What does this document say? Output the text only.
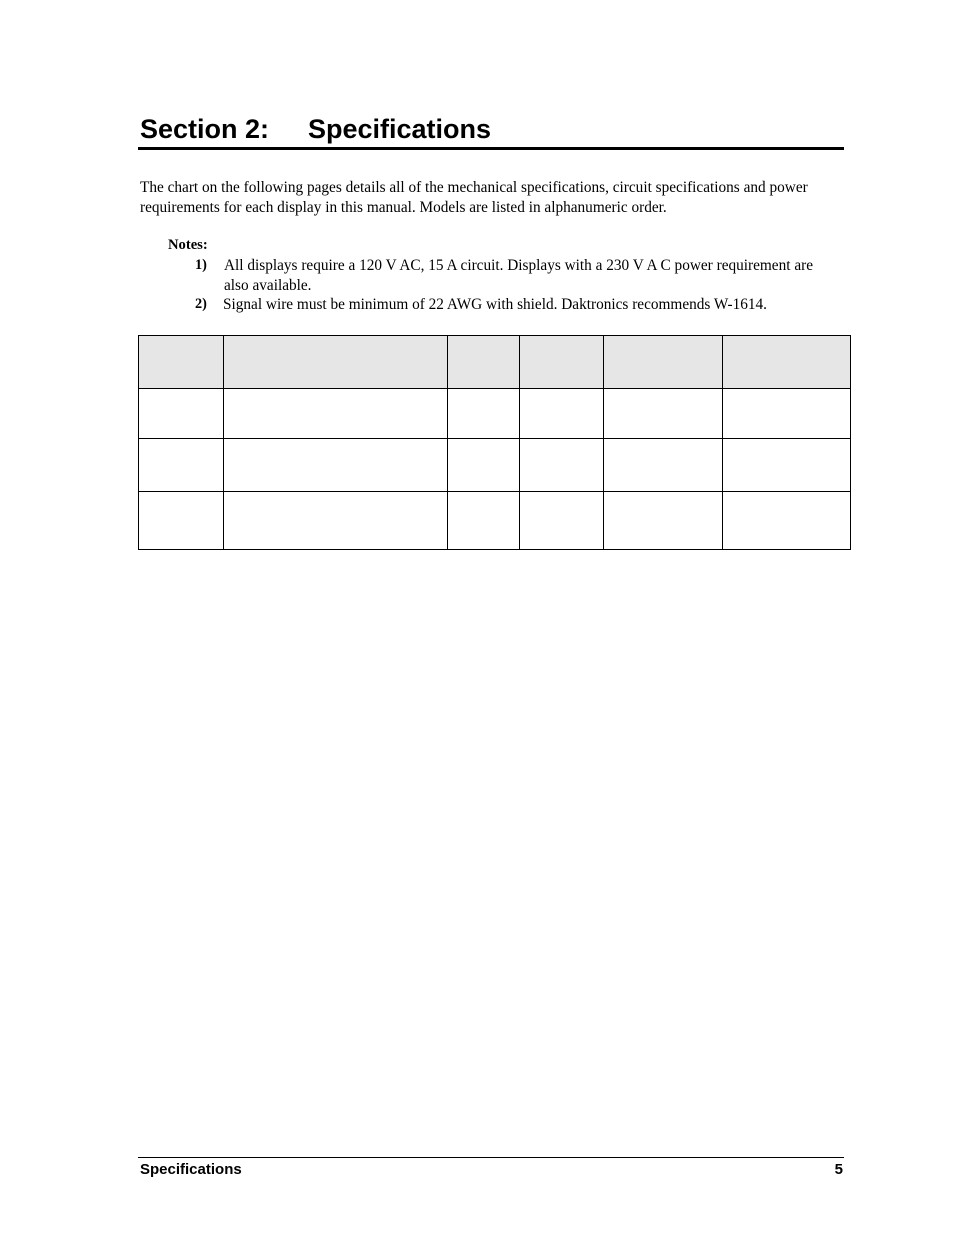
Section 2: Specifications

The chart on the following pages details all of the mechanical specifications, circuit specifications and power requirements for each display in this manual. Models are listed in alphanumeric order.

Notes:
1) All displays require a 120 V AC, 15 A circuit. Displays with a 230 V A C power requirement are also available.
2) Signal wire must be minimum of 22 AWG with shield. Daktronics recommends W-1614.

Specifications	5
